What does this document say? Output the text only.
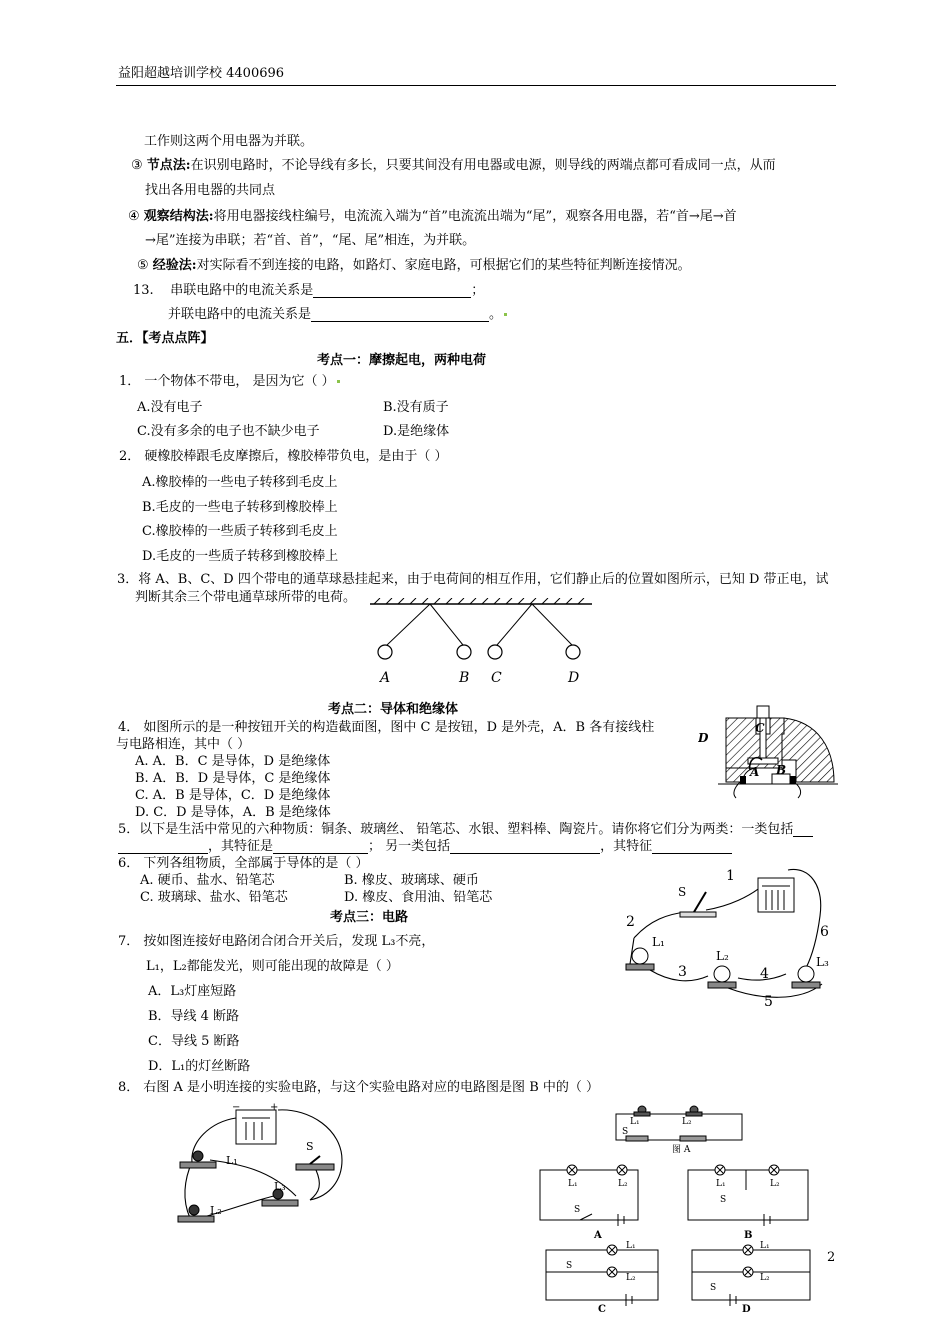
益阳超越培训学校 4400696
工作则这两个用电器为并联。
③ 节点法:在识别电路时，不论导线有多长，只要其间没有用电器或电源，则导线的两端点都可看成同一点，从而
找出各用电器的共同点
④ 观察结构法:将用电器接线柱编号，电流流入端为“首”电流流出端为“尾”，观察各用电器，若“首→尾→首
→尾”连接为串联；若“首、首”，“尾、尾”相连，为并联。
⑤ 经验法:对实际看不到连接的电路，如路灯、家庭电路，可根据它们的某些特征判断连接情况。
13. 串联电路中的电流关系是	；
并联电路中的电流关系是	。
五．【考点点阵】
考点一：摩擦起电，两种电荷
1． 一个物体不带电， 是因为它（ ）
A.没有电子	B.没有质子
C.没有多余的电子也不缺少电子	D.是绝缘体
2． 硬橡胶棒跟毛皮摩擦后，橡胶棒带负电，是由于（ ）
A.橡胶棒的一些电子转移到毛皮上
B.毛皮的一些电子转移到橡胶棒上
C.橡胶棒的一些质子转移到毛皮上
D.毛皮的一些质子转移到橡胶棒上
3．将 A、B、C、D 四个带电的通草球悬挂起来，由于电荷间的相互作用，它们静止后的位置如图所示，已知 D 带正电，试
判断其余三个带电通草球所带的电荷。
A	B C	D
考点二：导体和绝缘体
4． 如图所示的是一种按钮开关的构造截面图，图中 C 是按钮，D 是外壳，A．B 各有接线柱
与电路相连，其中（ ）
A. A．B．C 是导体，D 是绝缘体
B. A．B．D 是导体，C 是绝缘体
C. A．B 是导体，C．D 是绝缘体
D. C．D 是导体，A．B 是绝缘体
C
D
A B
5．以下是生活中常见的六种物质：铜条、玻璃丝、 铅笔芯、水银、塑料棒、陶瓷片。请你将它们分为两类：一类包括
，其特征是	； 另一类包括	，其特征
6． 下列各组物质，全部属于导体的是（ ）
A. 硬币、盐水、铅笔芯	B. 橡皮、玻璃球、硬币
C. 玻璃球、盐水、铅笔芯	D. 橡皮、食用油、铅笔芯
考点三：电路
7． 按如图连接好电路闭合闭合开关后，发现 L₃不亮，
L₁，L₂都能发光，则可能出现的故障是（ ）
A．L₃灯座短路
B．导线 4 断路
C．导线 5 断路
D．L₁的灯丝断路
1
2
3	4
5
6
S
L₁
L₂	L₃
8． 右图 A 是小明连接的实验电路，与这个实验电路对应的电路图是图 B 中的（ ）
−	+
L₁
L₂
L₃
S
L₁	L₂
S
图 A
L₁	L₂	L₁	L₂
L₁
L₂
L₁
L₂
S
S
S
S
A	B
C	D
2
